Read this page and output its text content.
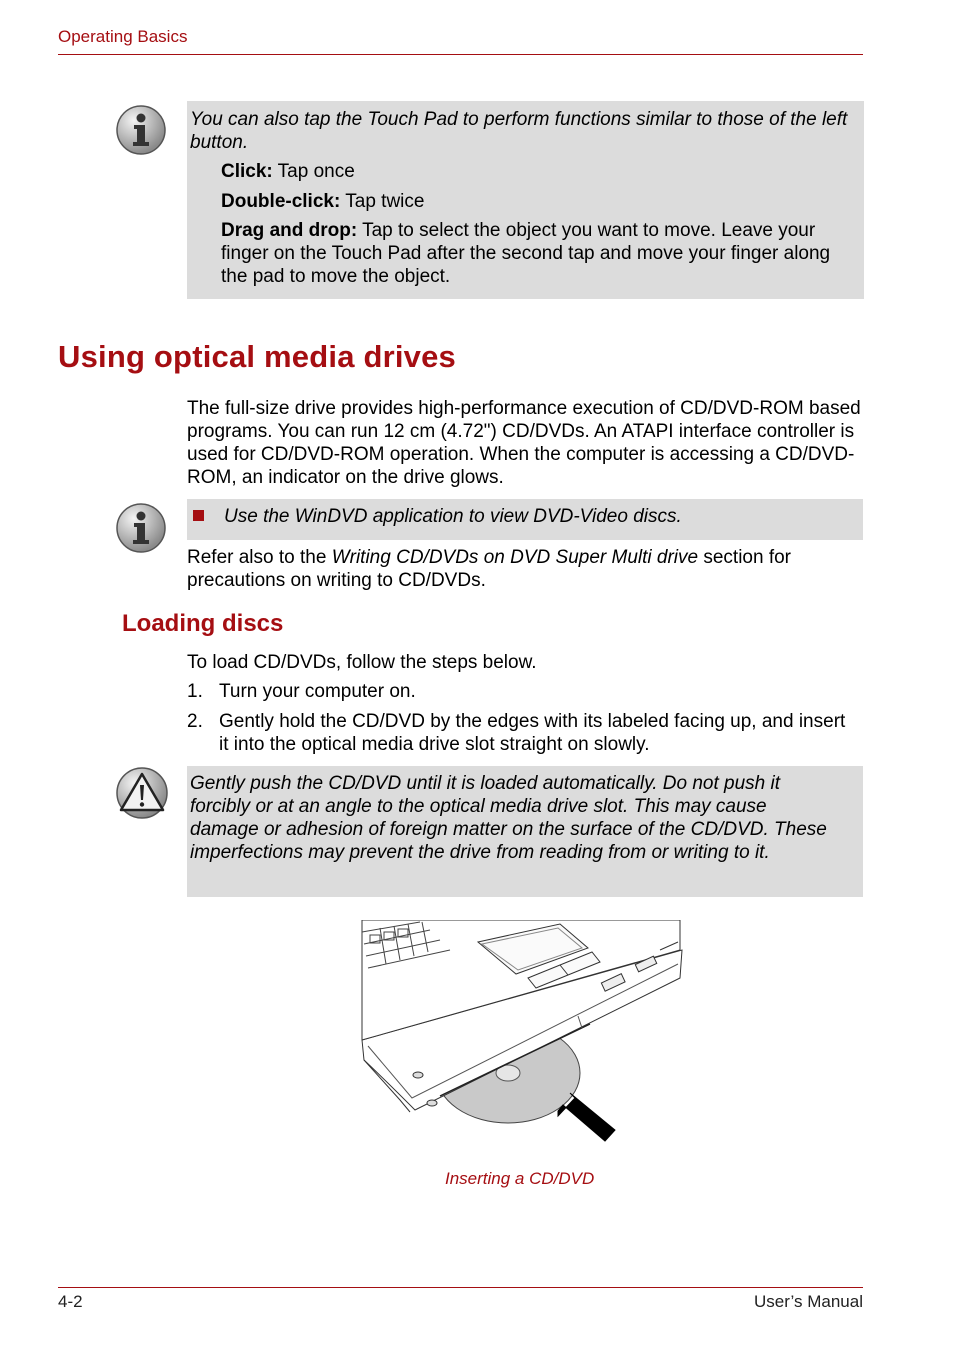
Operating Basics
You can also tap the Touch Pad to perform functions similar to those of the left button.
Click: Tap once
Double-click: Tap twice
Drag and drop: Tap to select the object you want to move. Leave your finger on the Touch Pad after the second tap and move your finger along the pad to move the object.
Using optical media drives
The full-size drive provides high-performance execution of CD/DVD-ROM based programs. You can run 12 cm (4.72") CD/DVDs. An ATAPI interface controller is used for CD/DVD-ROM operation. When the computer is accessing a CD/DVD-ROM, an indicator on the drive glows.
Use the WinDVD application to view DVD-Video discs.
Refer also to the Writing CD/DVDs on DVD Super Multi drive section for precautions on writing to CD/DVDs.
Loading discs
To load CD/DVDs, follow the steps below.
1. Turn your computer on.
2. Gently hold the CD/DVD by the edges with its labeled facing up, and insert it into the optical media drive slot straight on slowly.
Gently push the CD/DVD until it is loaded automatically. Do not push it forcibly or at an angle to the optical media drive slot. This may cause damage or adhesion of foreign matter on the surface of the CD/DVD. These imperfections may prevent the drive from reading from or writing to it.
Inserting a CD/DVD
4-2	User’s Manual
